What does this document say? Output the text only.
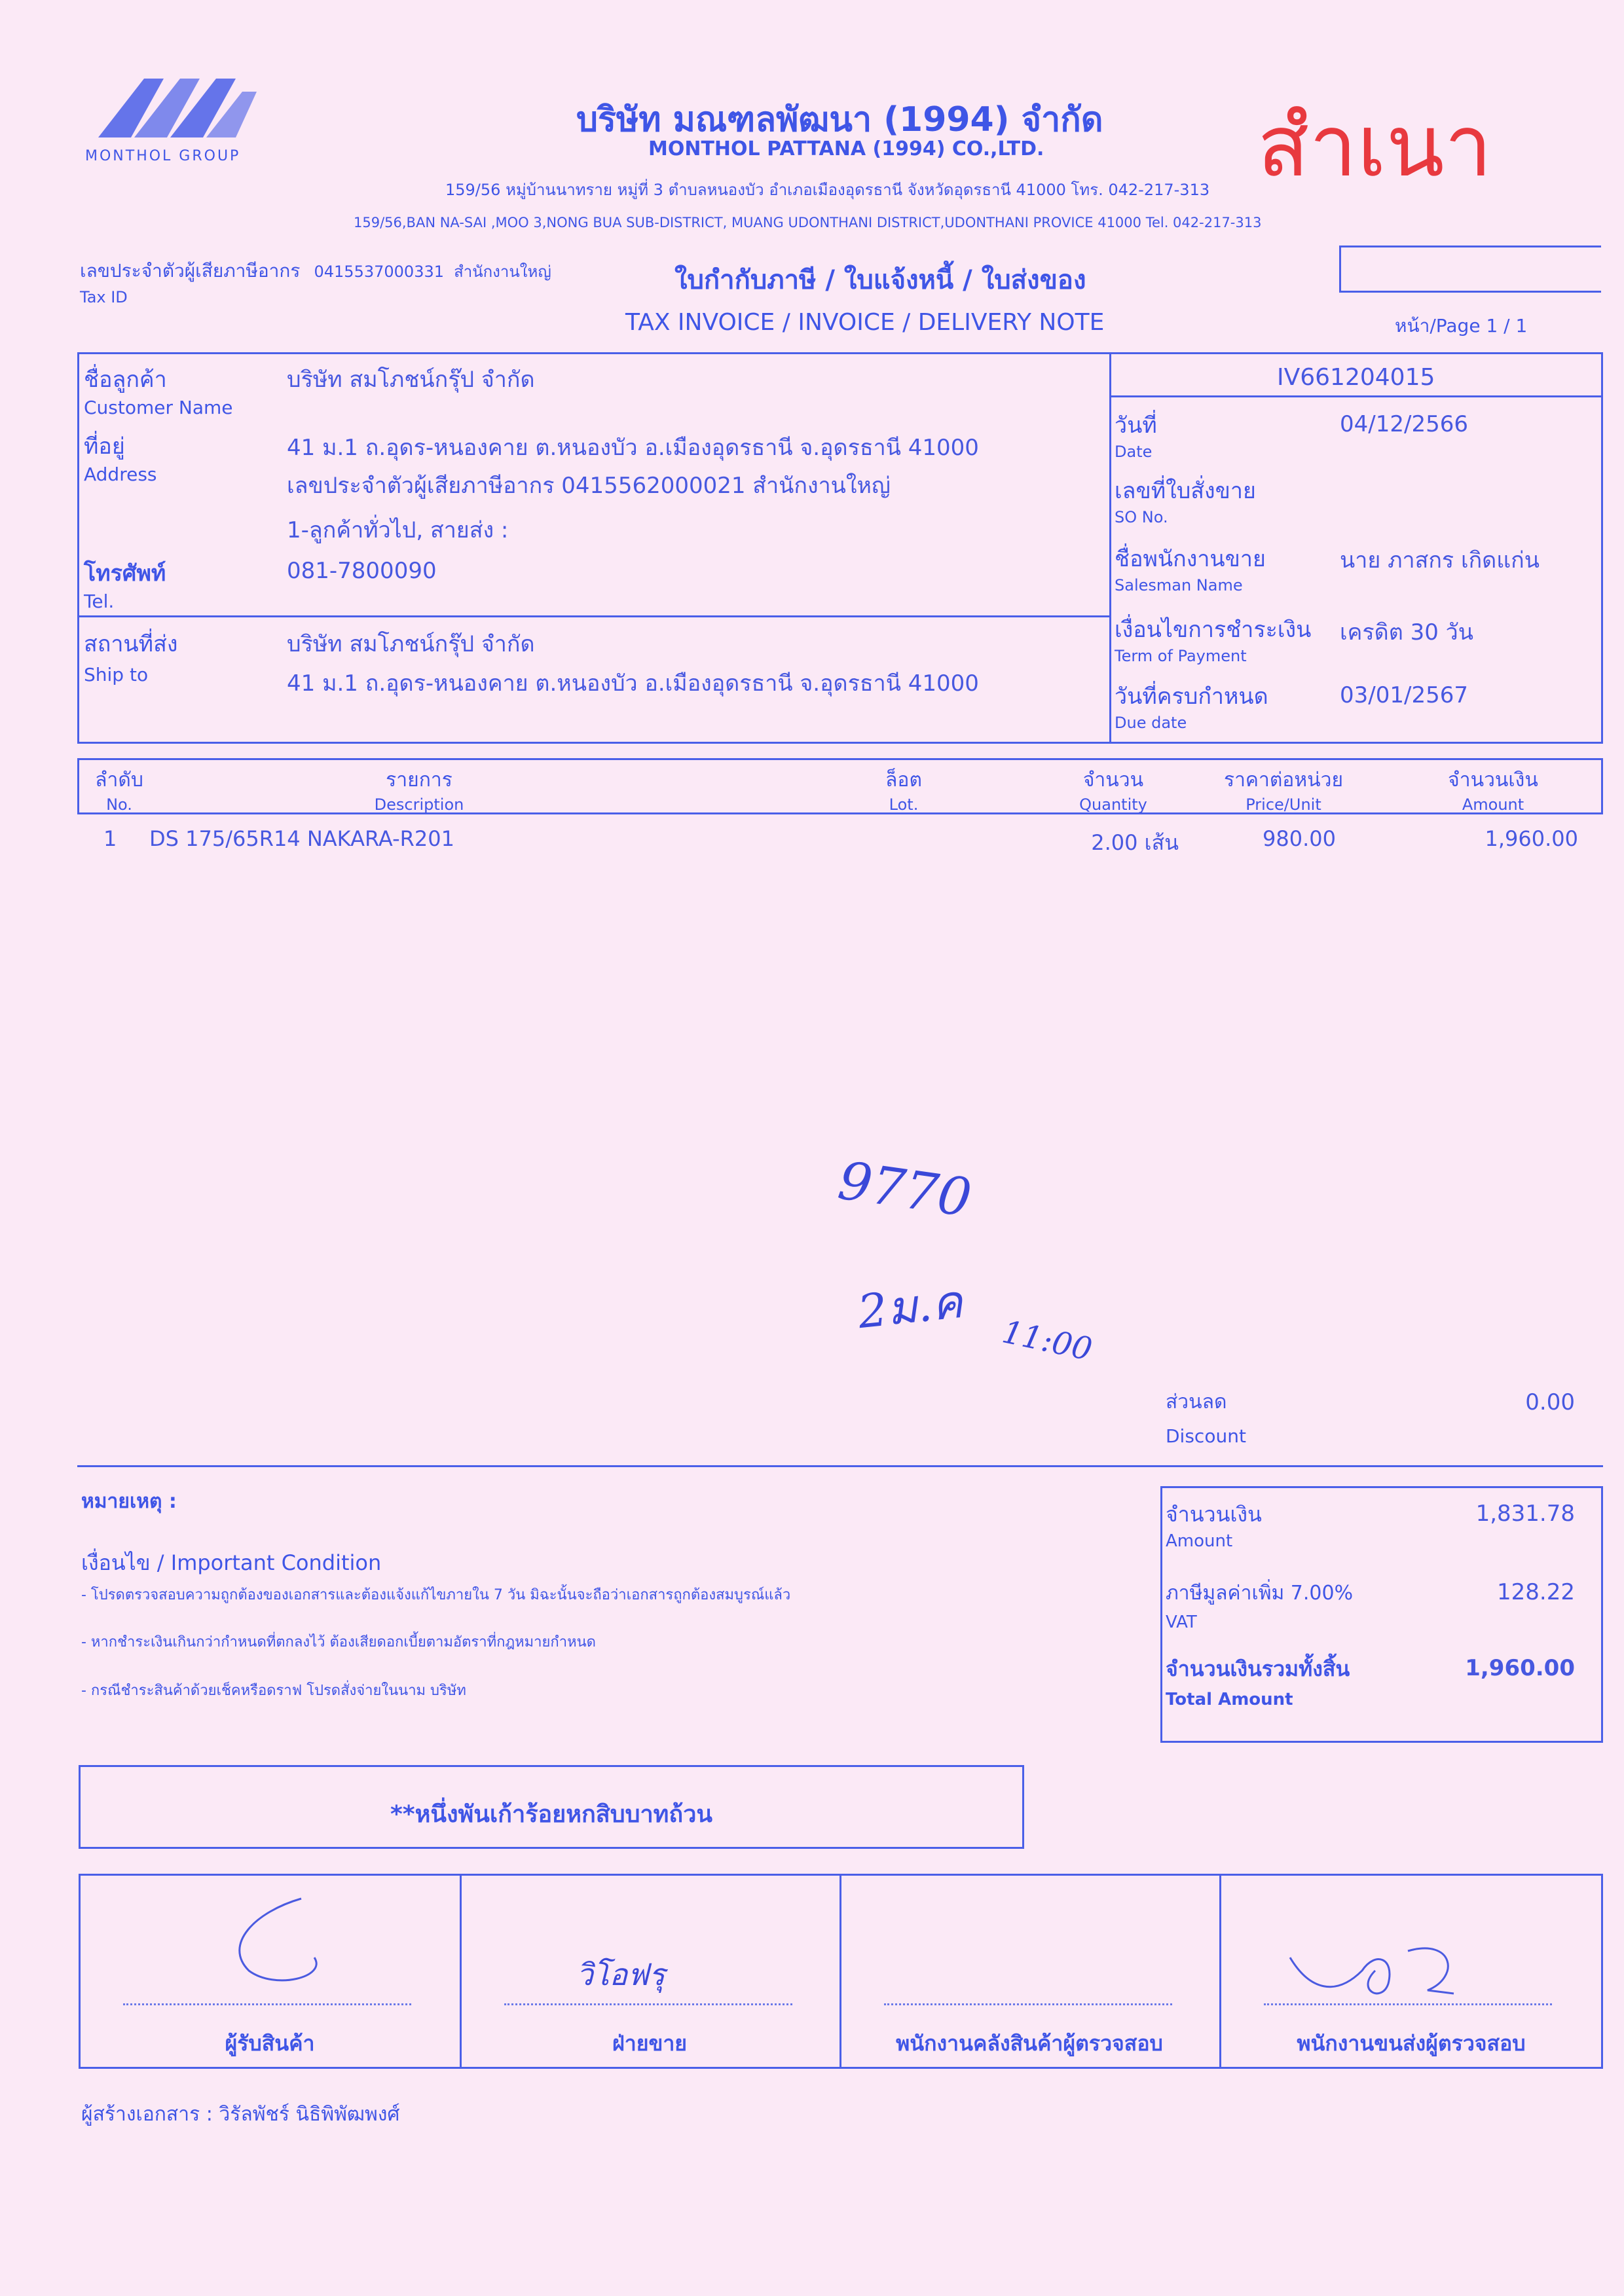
MONTHOL GROUP
บริษัท มณฑลพัฒนา (1994) จำกัด
MONTHOL PATTANA (1994) CO.,LTD.
159/56 หมู่บ้านนาทราย หมู่ที่ 3 ตำบลหนองบัว อำเภอเมืองอุดรธานี จังหวัดอุดรธานี 41000 โทร. 042-217-313
159/56,BAN NA-SAI ,MOO 3,NONG BUA SUB-DISTRICT, MUANG UDONTHANI DISTRICT,UDONTHANI PROVICE 41000 Tel. 042-217-313
สำเนา
เลขประจำตัวผู้เสียภาษีอากร 0415537000331 สำนักงานใหญ่
Tax ID
ใบกำกับภาษี / ใบแจ้งหนี้ / ใบส่งของ
TAX INVOICE / INVOICE / DELIVERY NOTE	หน้า/Page 1 / 1
ชื่อลูกค้า
Customer Name
บริษัท สมโภชน์กรุ๊ป จำกัด
ที่อยู่
Address
41 ม.1 ถ.อุดร-หนองคาย ต.หนองบัว อ.เมืองอุดรธานี จ.อุดรธานี 41000
เลขประจำตัวผู้เสียภาษีอากร 0415562000021 สำนักงานใหญ่
1-ลูกค้าทั่วไป, สายส่ง :
โทรศัพท์
Tel.
081-7800090
สถานที่ส่ง
Ship to
บริษัท สมโภชน์กรุ๊ป จำกัด
41 ม.1 ถ.อุดร-หนองคาย ต.หนองบัว อ.เมืองอุดรธานี จ.อุดรธานี 41000
IV661204015
วันที่
Date
04/12/2566
เลขที่ใบสั่งขาย
SO No.
ชื่อพนักงานขาย
Salesman Name
นาย ภาสกร เกิดแก่น
เงื่อนไขการชำระเงิน
Term of Payment
เครดิต 30 วัน
วันที่ครบกำหนด
Due date
03/01/2567
ลำดับ
No.
รายการ
Description
ล็อต
Lot.
จำนวน
Quantity
ราคาต่อหน่วย
Price/Unit
จำนวนเงิน
Amount
1 DS 175/65R14 NAKARA-R201	2.00 เส้น	980.00	1,960.00
9770
2ม.ค
11:00
ส่วนลด
Discount
0.00
หมายเหตุ :
เงื่อนไข / Important Condition
- โปรดตรวจสอบความถูกต้องของเอกสารและต้องแจ้งแก้ไขภายใน 7 วัน มิฉะนั้นจะถือว่าเอกสารถูกต้องสมบูรณ์แล้ว
- หากชำระเงินเกินกว่ากำหนดที่ตกลงไว้ ต้องเสียดอกเบี้ยตามอัตราที่กฎหมายกำหนด
- กรณีชำระสินค้าด้วยเช็คหรือดราฟ โปรดสั่งจ่ายในนาม บริษัท
จำนวนเงิน
Amount
1,831.78
ภาษีมูลค่าเพิ่ม 7.00%
VAT
128.22
จำนวนเงินรวมทั้งสิ้น
Total Amount
1,960.00
**หนึ่งพันเก้าร้อยหกสิบบาทถ้วน
วิโอฟรุ
ผู้รับสินค้า	ฝ่ายขาย	พนักงานคลังสินค้าผู้ตรวจสอบ	พนักงานขนส่งผู้ตรวจสอบ
ผู้สร้างเอกสาร : วิรัลพัชร์ นิธิพิพัฒพงศ์
